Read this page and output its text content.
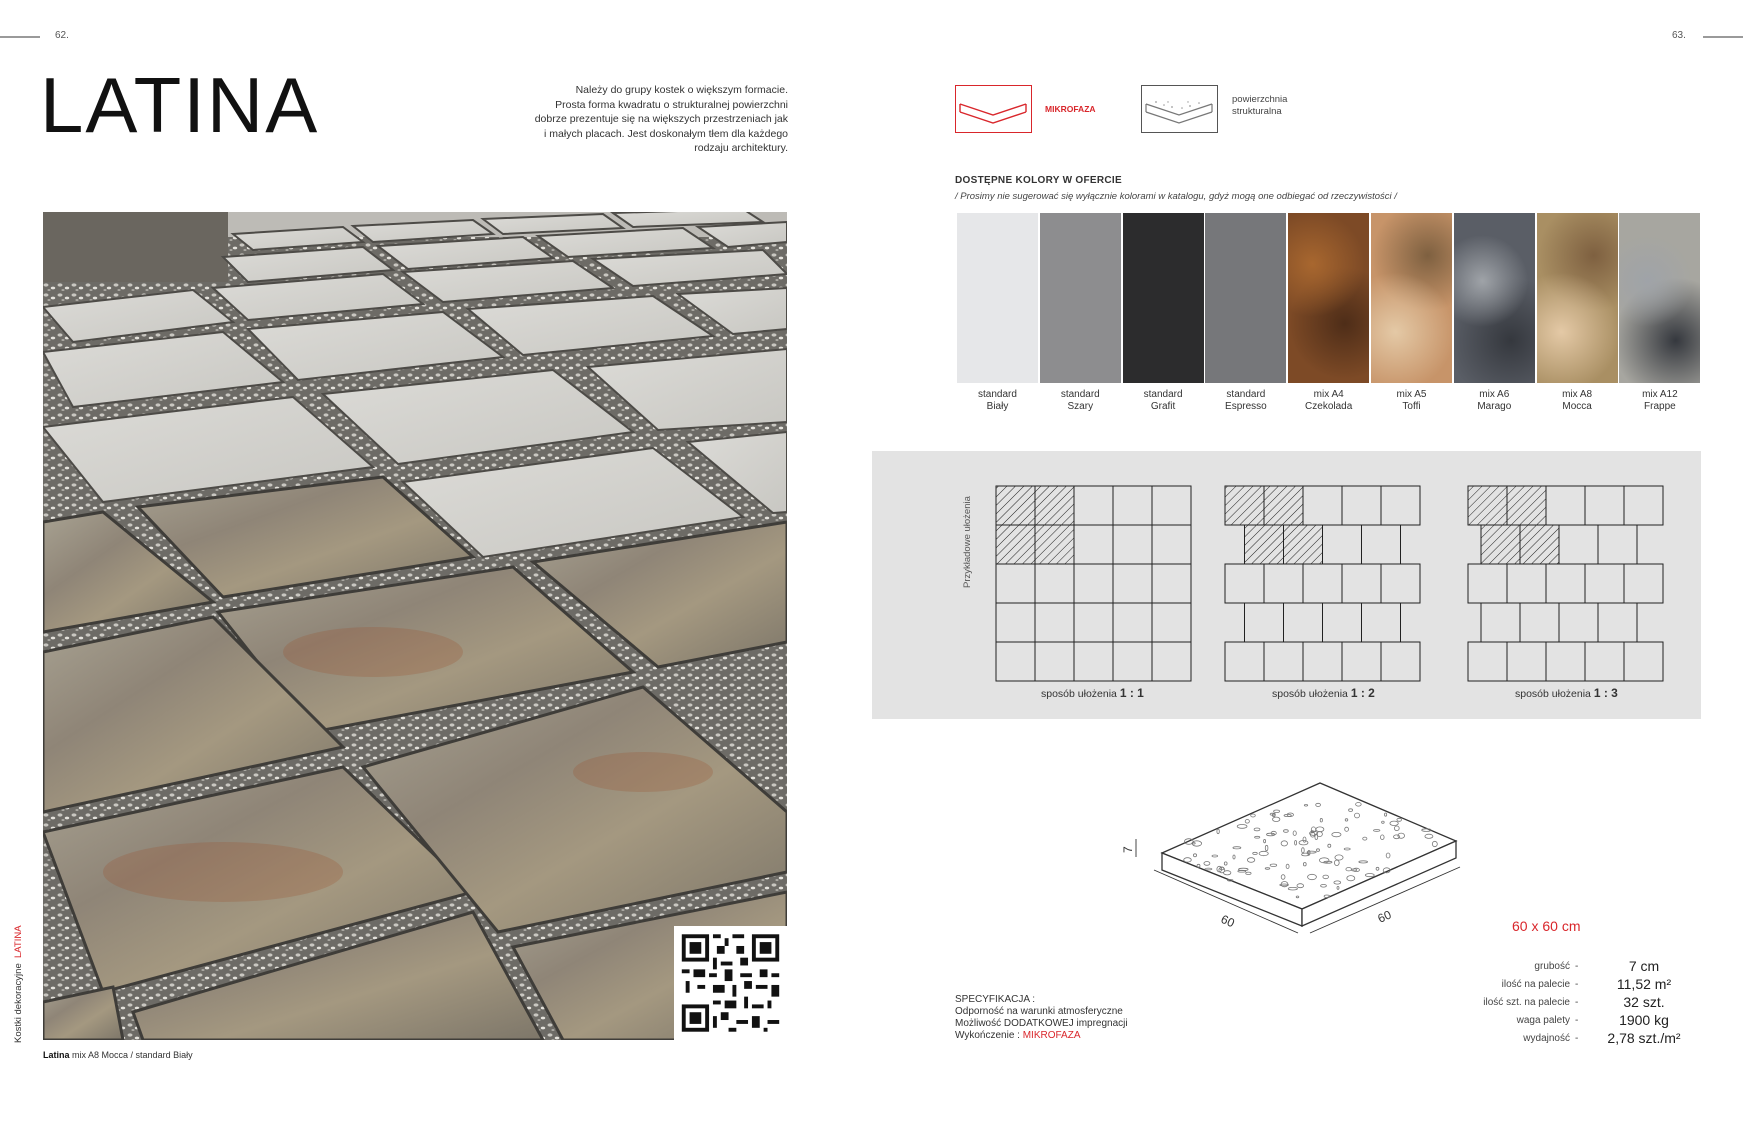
62.	63.
LATINA	Należy do grupy kostek o większym formacie.
Prosta forma kwadratu o strukturalnej powierzchni
dobrze prezentuje się na większych przestrzeniach jak
i małych placach. Jest doskonałym tłem dla każdego
rodzaju architektury.
Latina mix A8 Mocca / standard Biały
Kostki dekoracyjne  LATINA
MIKROFAZA
powierzchnia
strukturalna
DOSTĘPNE KOLORY W OFERCIE
/ Prosimy nie sugerować się wyłącznie kolorami w katalogu, gdyż mogą one odbiegać od rzeczywistości /
standard
Biały
standard
Szary
standard
Grafit
standard
Espresso
mix A4
Czekolada
mix A5
Toffi
mix A6
Marago
mix A8
Mocca
mix A12
Frappe
Przykładowe ułożenia
sposób ułożenia 1 : 1	sposób ułożenia 1 : 2	sposób ułożenia 1 : 3
7
60	60
60 x 60 cm
grubość -	7 cm
ilość na palecie -	11,52 m²
ilość szt. na palecie -	32 szt.
waga palety -	1900 kg
wydajność -	2,78 szt./m²
SPECYFIKACJA :
Odporność na warunki atmosferyczne
Możliwość DODATKOWEJ impregnacji
Wykończenie : MIKROFAZA
